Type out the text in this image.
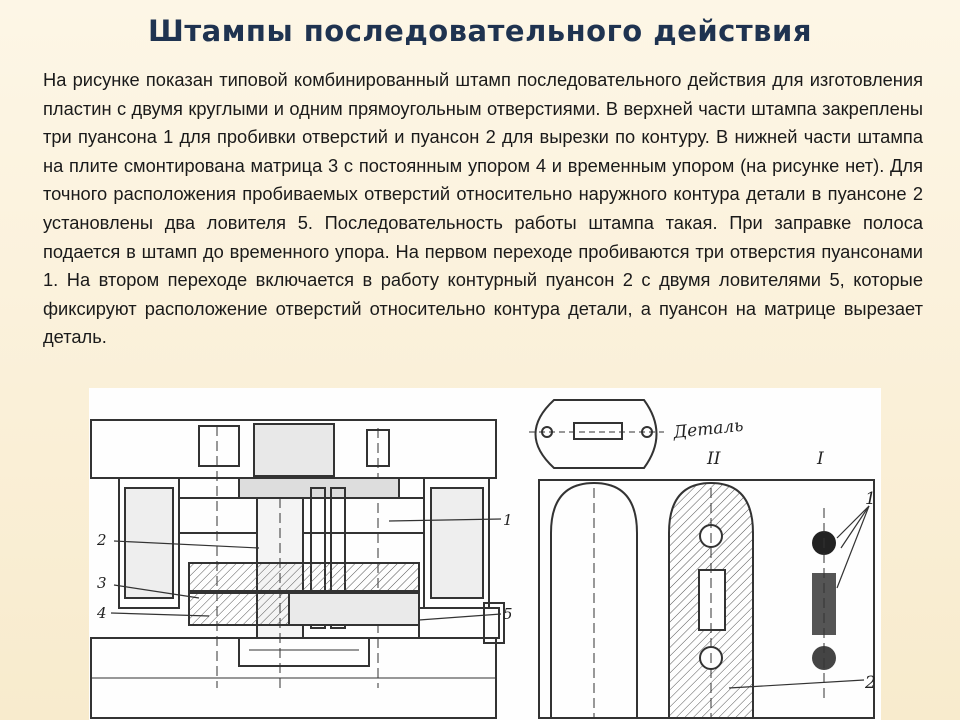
Штампы последовательного действия
На рисунке показан типовой комбинированный штамп последовательного действия для изготовления пластин с двумя круглыми и одним прямоугольным отверстиями. В верхней части штампа закреплены три пуансона 1 для пробивки отверстий и пуансон 2 для вырезки по контуру. В нижней части штампа на плите смонтирована матрица 3 с постоянным упором 4 и временным упором (на рисунке нет). Для точного расположения пробиваемых отверстий относительно наружного контура детали в пуансоне 2 установлены два ловителя 5. Последовательность работы штампа такая. При заправке полоса подается в штамп до временного упора. На первом переходе пробиваются три отверстия пуансонами 1. На втором переходе включается в работу контурный пуансон 2 с двумя ловителями 5, которые фиксируют расположение отверстий относительно контура детали, а пуансон на матрице вырезает деталь.
1
2
3
4	5
Деталь
II	I
1
2
